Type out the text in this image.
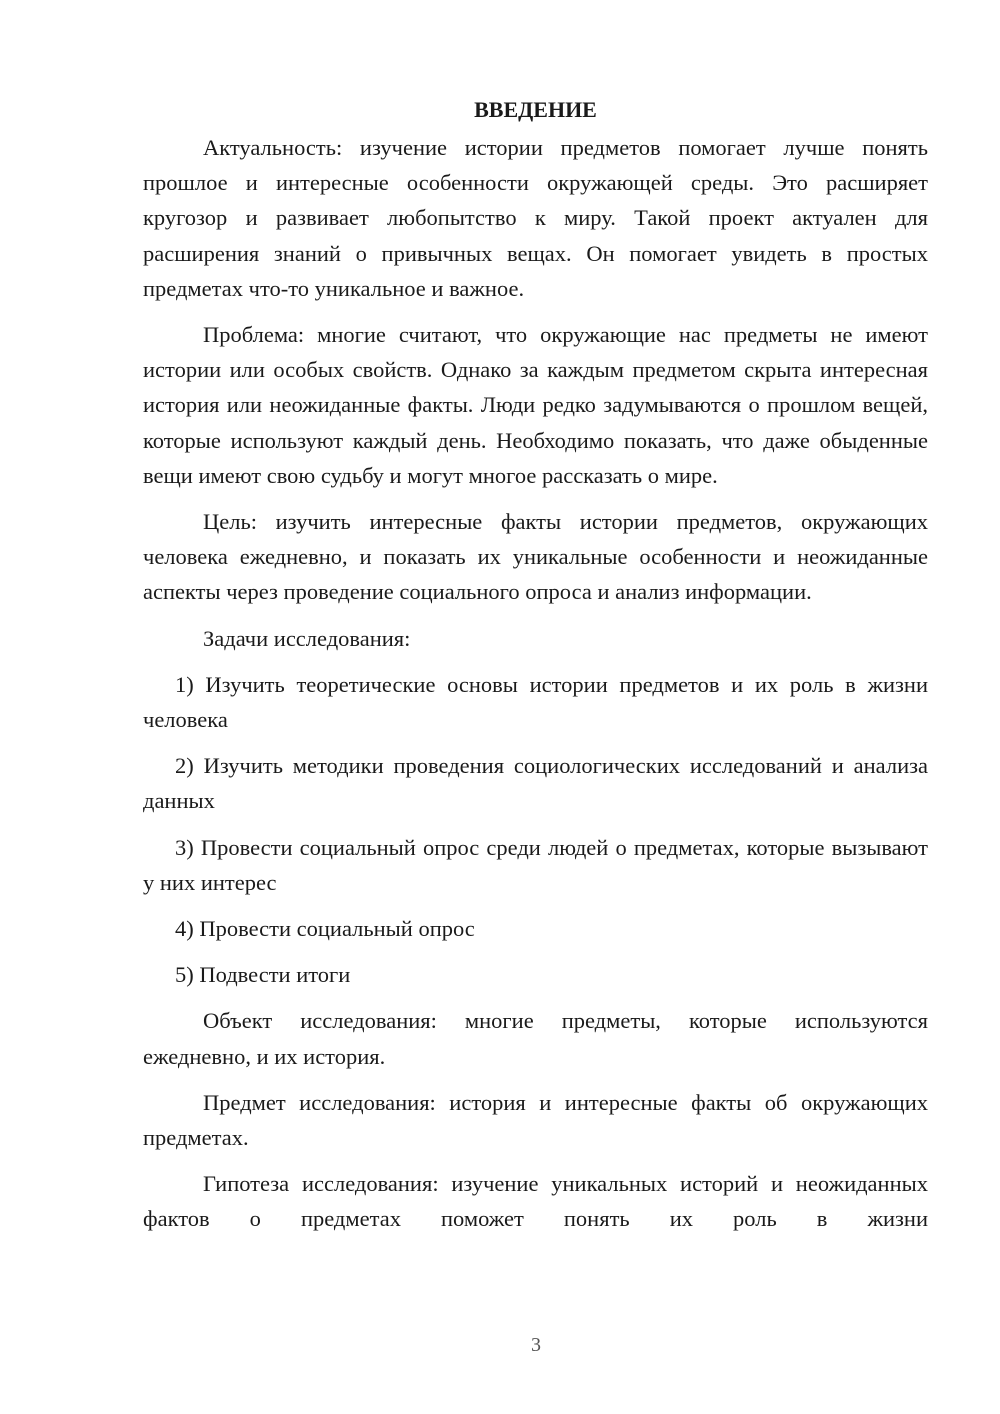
ВВЕДЕНИЕ

Актуальность: изучение истории предметов помогает лучше понять прошлое и интересные особенности окружающей среды. Это расширяет кругозор и развивает любопытство к миру. Такой проект актуален для расширения знаний о привычных вещах. Он помогает увидеть в простых предметах что-то уникальное и важное.

Проблема: многие считают, что окружающие нас предметы не имеют истории или особых свойств. Однако за каждым предметом скрыта интересная история или неожиданные факты. Люди редко задумываются о прошлом вещей, которые используют каждый день. Необходимо показать, что даже обыденные вещи имеют свою судьбу и могут многое рассказать о мире.

Цель: изучить интересные факты истории предметов, окружающих человека ежедневно, и показать их уникальные особенности и неожиданные аспекты через проведение социального опроса и анализ информации.

Задачи исследования:

1) Изучить теоретические основы истории предметов и их роль в жизни человека

2) Изучить методики проведения социологических исследований и анализа данных

3) Провести социальный опрос среди людей о предметах, которые вызывают у них интерес

4) Провести социальный опрос

5) Подвести итоги

Объект исследования: многие предметы, которые используются ежедневно, и их история.

Предмет исследования: история и интересные факты об окружающих предметах.

Гипотеза исследования: изучение уникальных историй и неожиданных фактов о предметах поможет понять их роль в жизни

3
